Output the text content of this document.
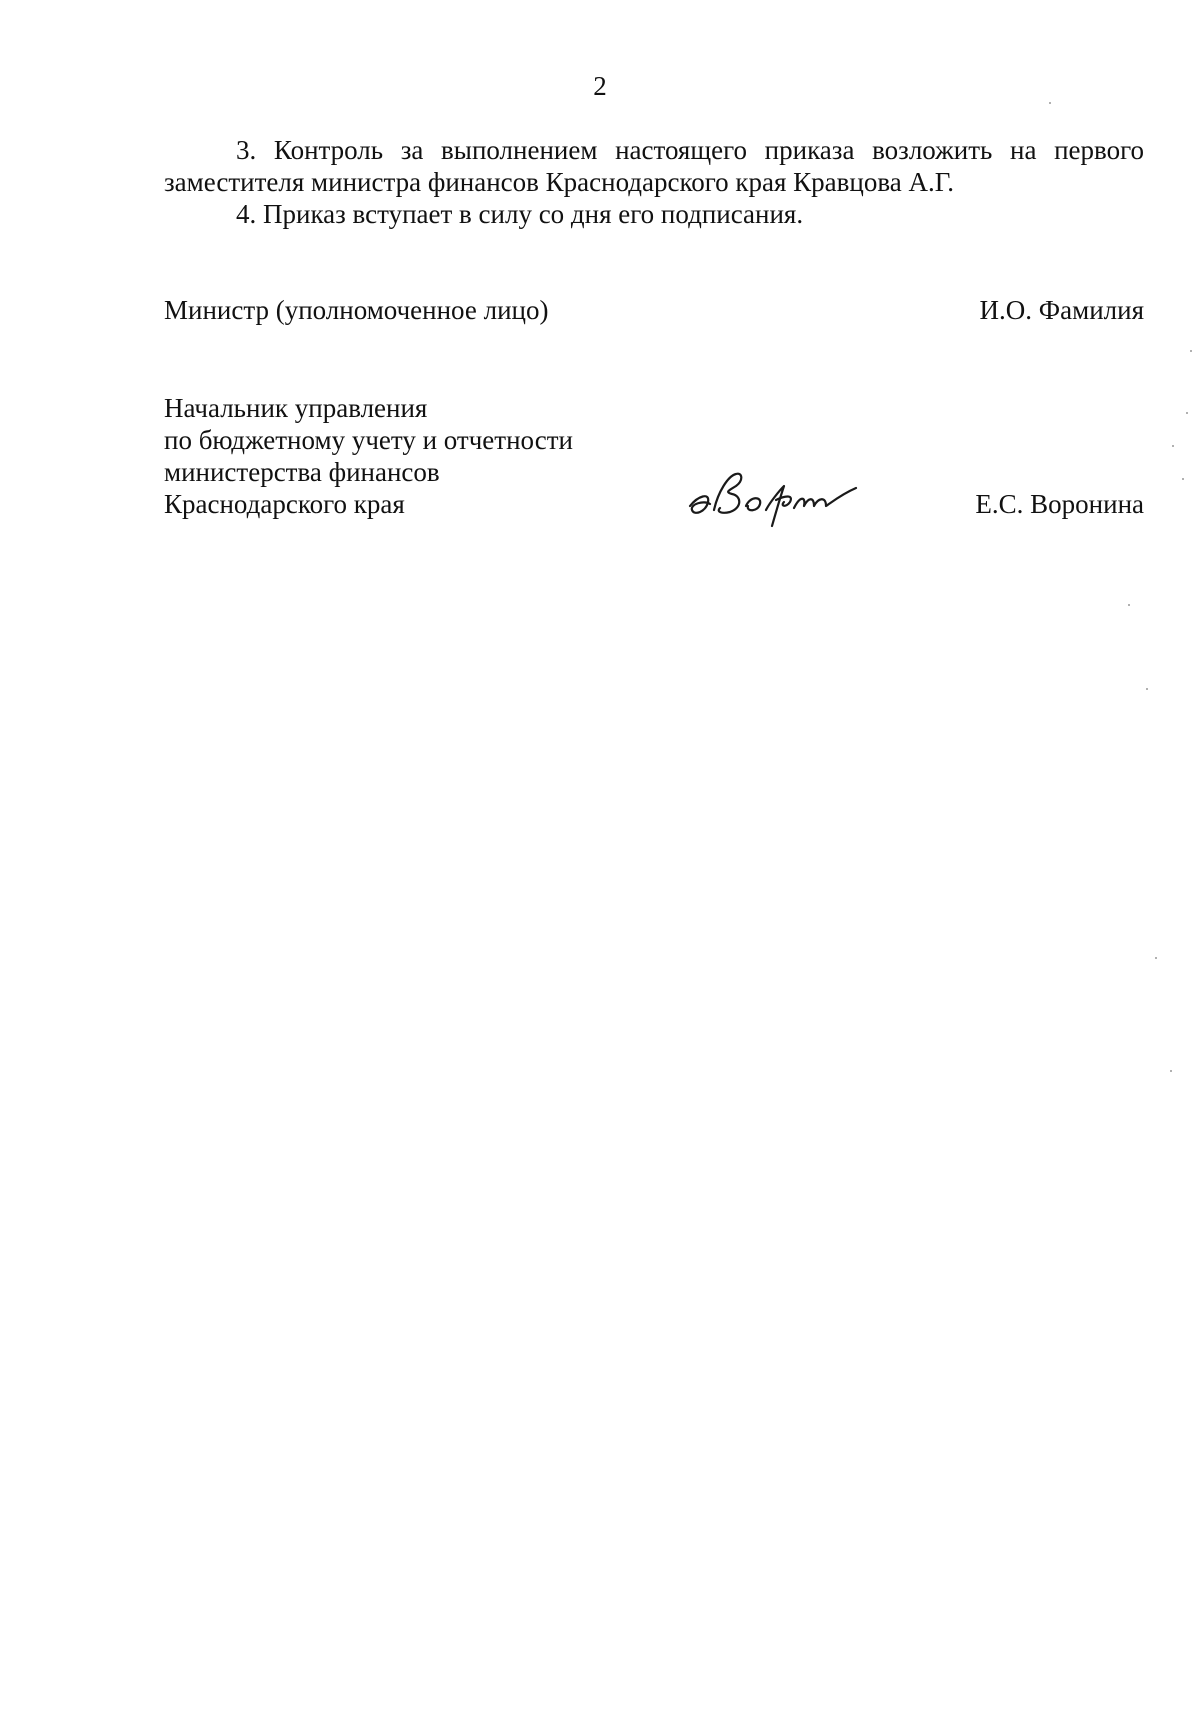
2

3. Контроль за выполнением настоящего приказа возложить на первого заместителя министра финансов Краснодарского края Кравцова А.Г.

4. Приказ вступает в силу со дня его подписания.

Министр (уполномоченное лицо)	И.О. Фамилия
Начальник управления
по бюджетному учету и отчетности
министерства финансов
Краснодарского края	Е.С. Воронина
